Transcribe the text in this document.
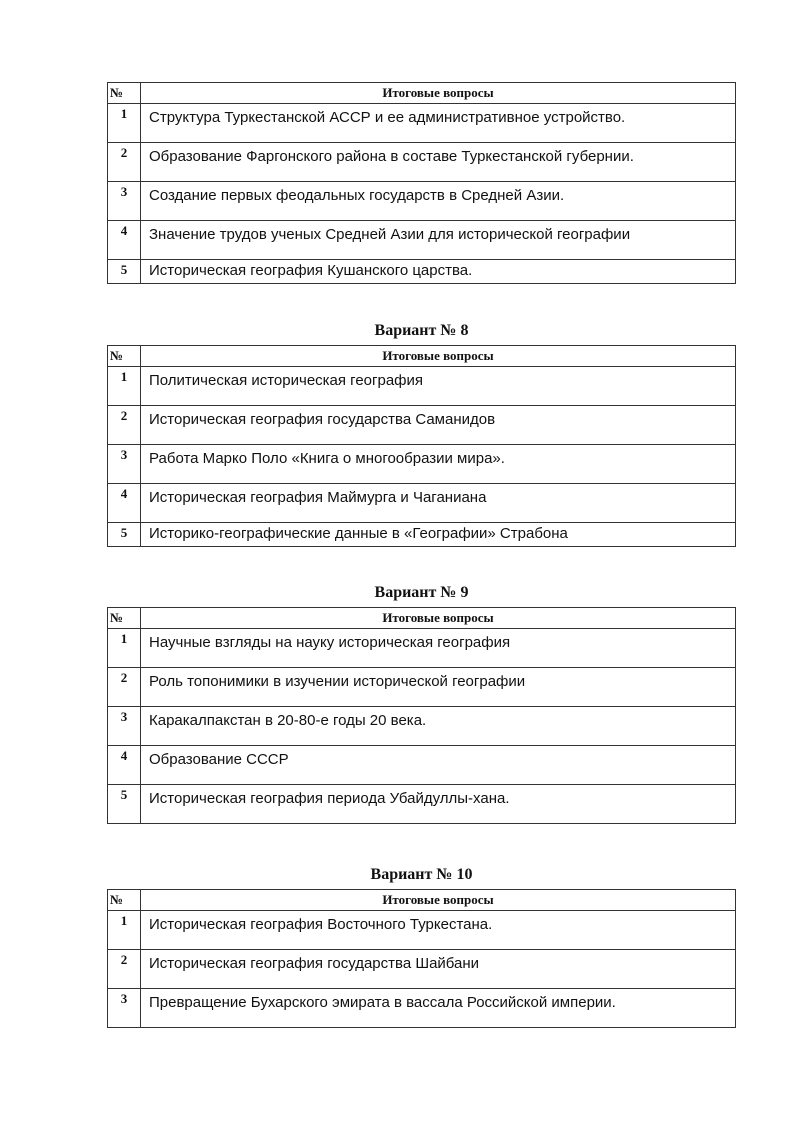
№	Итоговые вопросы
1	Структура Туркестанской АССР и ее административное устройство.
2	Образование Фаргонского района в составе Туркестанской губернии.
3	Создание первых феодальных государств в Средней Азии.
4	Значение трудов ученых Средней Азии для исторической географии
5	Историческая география Кушанского царства.
Вариант № 8
№	Итоговые вопросы
1	Политическая историческая география
2	Историческая география государства Саманидов
3	Работа Марко Поло «Книга о многообразии мира».
4	Историческая география Маймурга и Чаганиана
5	Историко-географические данные в «Географии» Страбона
Вариант № 9
№	Итоговые вопросы
1	Научные взгляды на науку историческая география
2	Роль топонимики в изучении исторической географии
3	Каракалпакстан в 20-80-е годы 20 века.
4	Образование СССР
5	Историческая география периода Убайдуллы-хана.
Вариант № 10
№	Итоговые вопросы
1	Историческая география Восточного Туркестана.
2	Историческая география государства Шайбани
3	Превращение Бухарского эмирата в вассала Российской империи.
